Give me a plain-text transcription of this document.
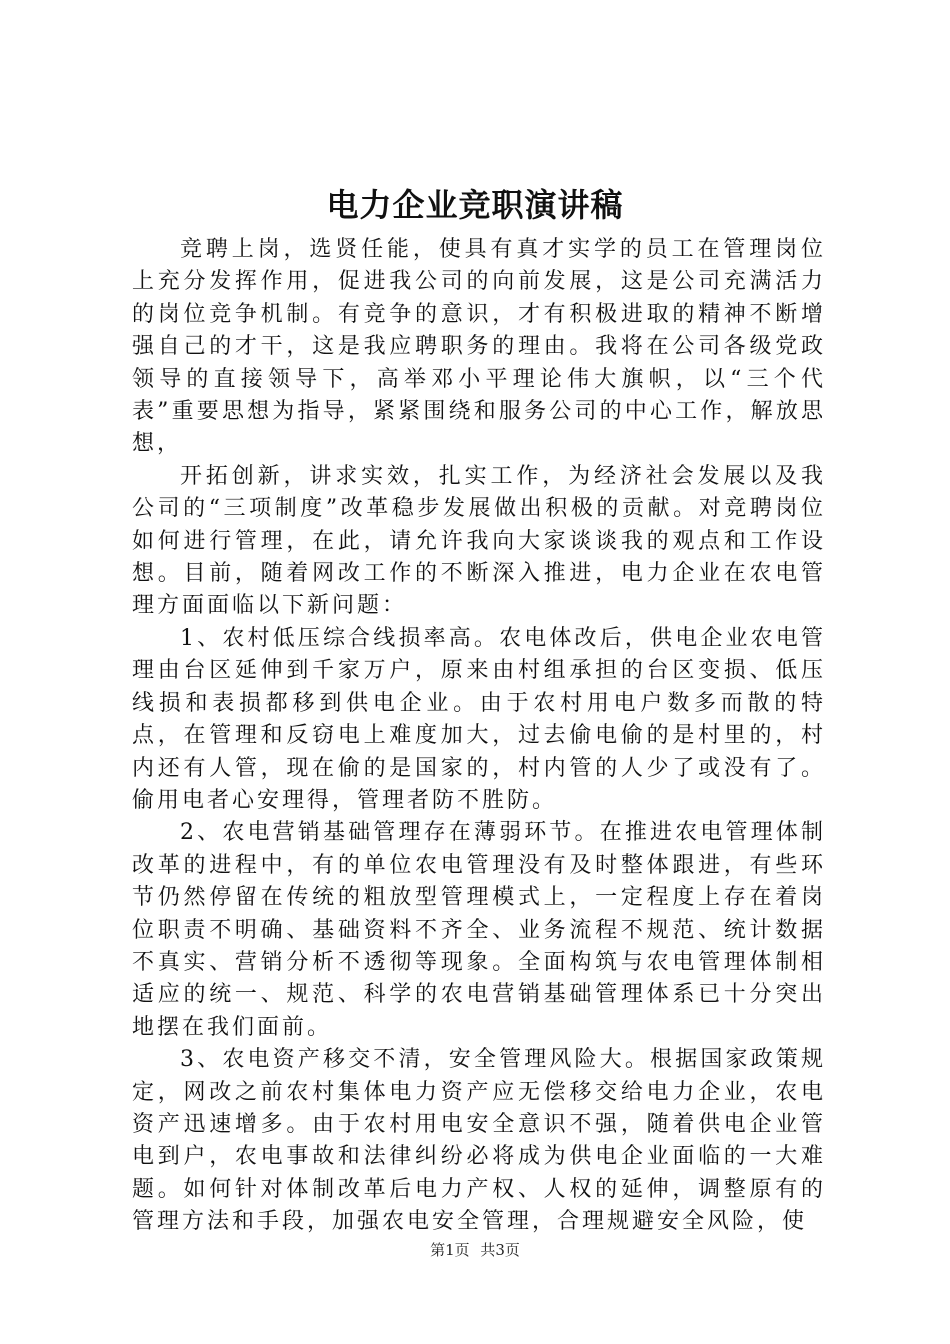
电力企业竞职演讲稿

竞聘上岗，选贤任能，使具有真才实学的员工在管理岗位上充分发挥作用，促进我公司的向前发展，这是公司充满活力的岗位竞争机制。有竞争的意识，才有积极进取的精神不断增强自己的才干，这是我应聘职务的理由。我将在公司各级党政领导的直接领导下，高举邓小平理论伟大旗帜，以“三个代表”重要思想为指导，紧紧围绕和服务公司的中心工作，解放思想，

开拓创新，讲求实效，扎实工作，为经济社会发展以及我公司的“三项制度”改革稳步发展做出积极的贡献。对竞聘岗位如何进行管理，在此，请允许我向大家谈谈我的观点和工作设想。目前，随着网改工作的不断深入推进，电力企业在农电管理方面面临以下新问题：

1、农村低压综合线损率高。农电体改后，供电企业农电管理由台区延伸到千家万户，原来由村组承担的台区变损、低压线损和表损都移到供电企业。由于农村用电户数多而散的特点，在管理和反窃电上难度加大，过去偷电偷的是村里的，村内还有人管，现在偷的是国家的，村内管的人少了或没有了。偷用电者心安理得，管理者防不胜防。

2、农电营销基础管理存在薄弱环节。在推进农电管理体制改革的进程中，有的单位农电管理没有及时整体跟进，有些环节仍然停留在传统的粗放型管理模式上，一定程度上存在着岗位职责不明确、基础资料不齐全、业务流程不规范、统计数据不真实、营销分析不透彻等现象。全面构筑与农电管理体制相适应的统一、规范、科学的农电营销基础管理体系已十分突出地摆在我们面前。

3、农电资产移交不清，安全管理风险大。根据国家政策规定，网改之前农村集体电力资产应无偿移交给电力企业，农电资产迅速增多。由于农村用电安全意识不强，随着供电企业管电到户，农电事故和法律纠纷必将成为供电企业面临的一大难题。如何针对体制改革后电力产权、人权的延伸，调整原有的管理方法和手段，加强农电安全管理，合理规避安全风险，使

第1页 共3页
